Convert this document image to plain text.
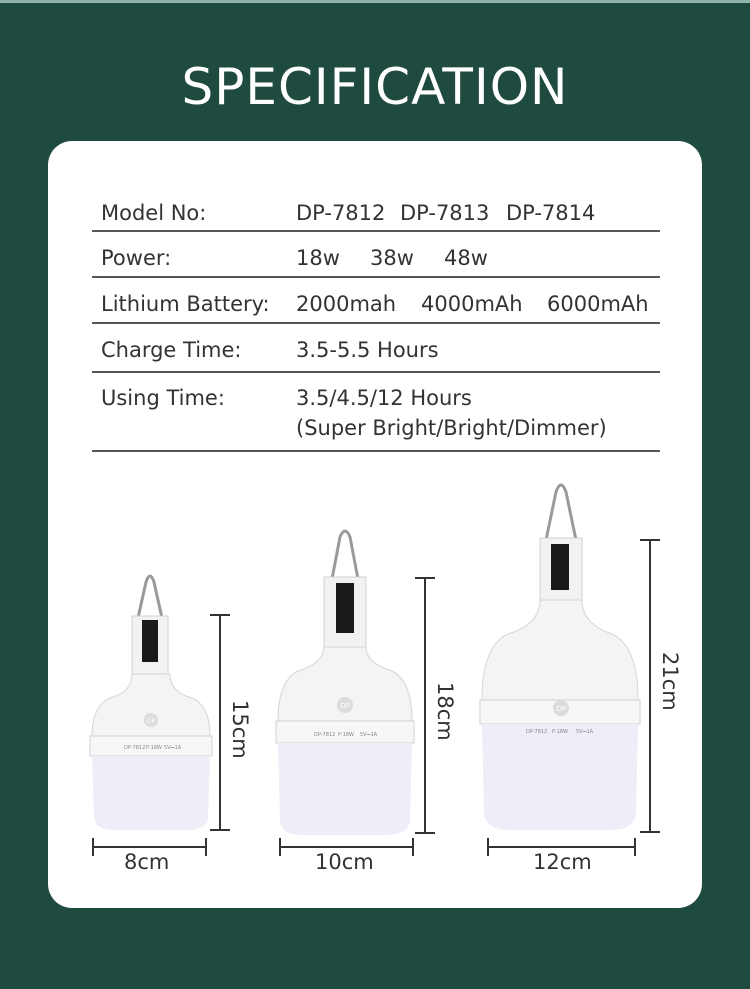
SPECIFICATION
Model No:	DP-7812 DP-7813 DP-7814
Power:	18w 38w 48w
Lithium Battery: 2000mah 4000mAh 6000mAh
Charge Time:	3.5-5.5 Hours
Using Time:	3.5/4.5/12 Hours
(Super Bright/Bright/Dimmer)
DP
DP-7812 P:18W 5V⎓1A 15cm
8cm
DP
DP-7812 P:18W 5V⎓1A	18cm
10cm
DP
DP-7812 P:18W 5V⎓1A
21cm
12cm
